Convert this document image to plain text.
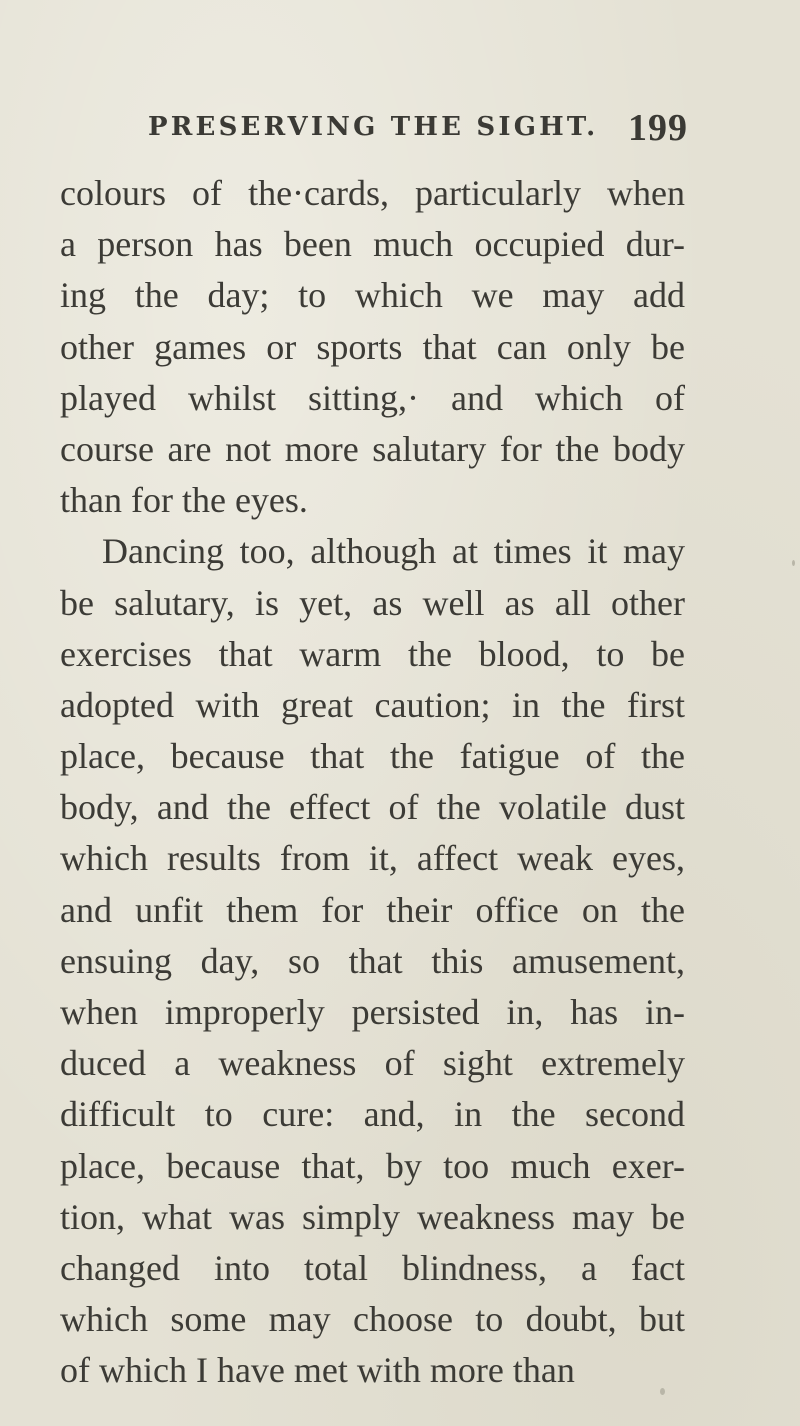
PRESERVING THE SIGHT. 199
colours of the·cards, particularly when
a person has been much occupied dur-
ing the day; to which we may add
other games or sports that can only be
played whilst sitting,· and which of
course are not more salutary for the body
than for the eyes.
Dancing too, although at times it may
be salutary, is yet, as well as all other
exercises that warm the blood, to be
adopted with great caution; in the first
place, because that the fatigue of the
body, and the effect of the volatile dust
which results from it, affect weak eyes,
and unfit them for their office on the
ensuing day, so that this amusement,
when improperly persisted in, has in-
duced a weakness of sight extremely
difficult to cure: and, in the second
place, because that, by too much exer-
tion, what was simply weakness may be
changed into total blindness, a fact
which some may choose to doubt, but
of which I have met with more than
